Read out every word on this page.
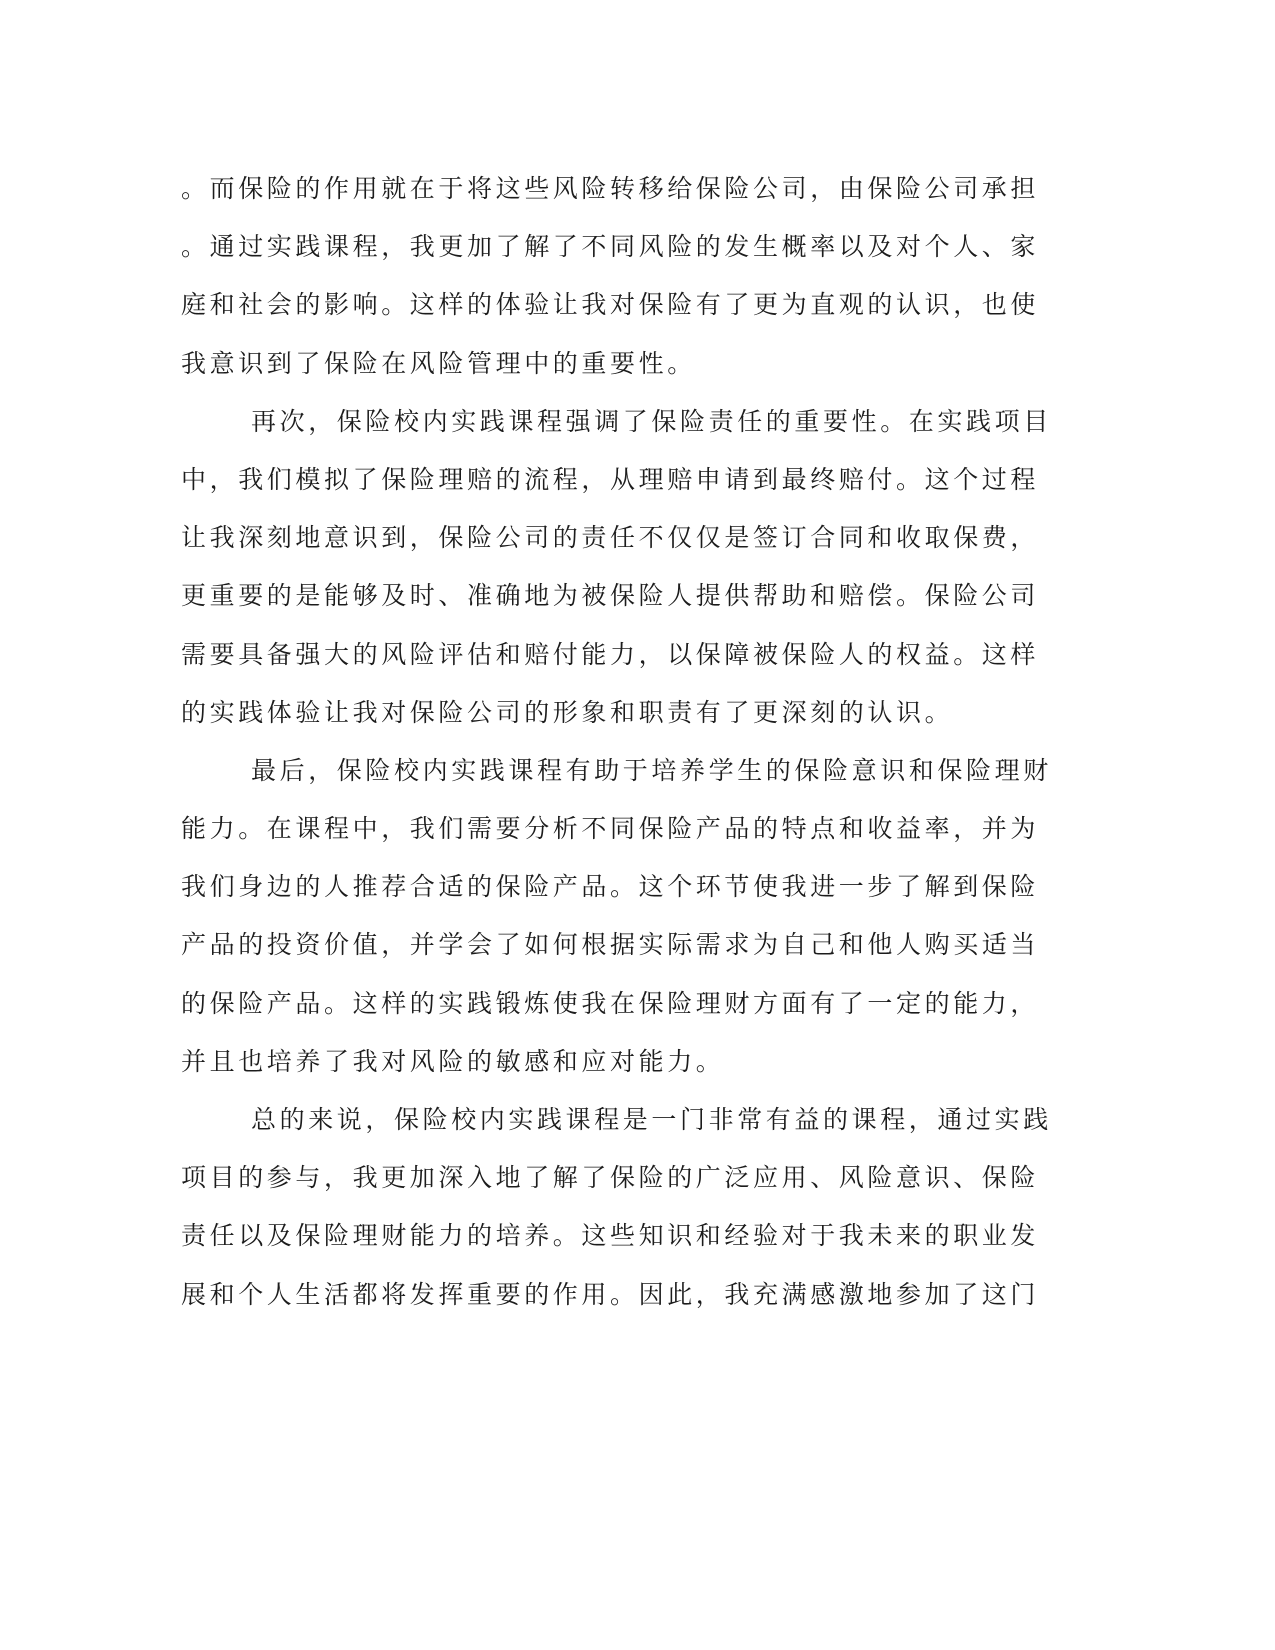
。而保险的作用就在于将这些风险转移给保险公司，由保险公司承担
。通过实践课程，我更加了解了不同风险的发生概率以及对个人、家
庭和社会的影响。这样的体验让我对保险有了更为直观的认识，也使
我意识到了保险在风险管理中的重要性。
再次，保险校内实践课程强调了保险责任的重要性。在实践项目
中，我们模拟了保险理赔的流程，从理赔申请到最终赔付。这个过程
让我深刻地意识到，保险公司的责任不仅仅是签订合同和收取保费，
更重要的是能够及时、准确地为被保险人提供帮助和赔偿。保险公司
需要具备强大的风险评估和赔付能力，以保障被保险人的权益。这样
的实践体验让我对保险公司的形象和职责有了更深刻的认识。
最后，保险校内实践课程有助于培养学生的保险意识和保险理财
能力。在课程中，我们需要分析不同保险产品的特点和收益率，并为
我们身边的人推荐合适的保险产品。这个环节使我进一步了解到保险
产品的投资价值，并学会了如何根据实际需求为自己和他人购买适当
的保险产品。这样的实践锻炼使我在保险理财方面有了一定的能力，
并且也培养了我对风险的敏感和应对能力。
总的来说，保险校内实践课程是一门非常有益的课程，通过实践
项目的参与，我更加深入地了解了保险的广泛应用、风险意识、保险
责任以及保险理财能力的培养。这些知识和经验对于我未来的职业发
展和个人生活都将发挥重要的作用。因此，我充满感激地参加了这门
